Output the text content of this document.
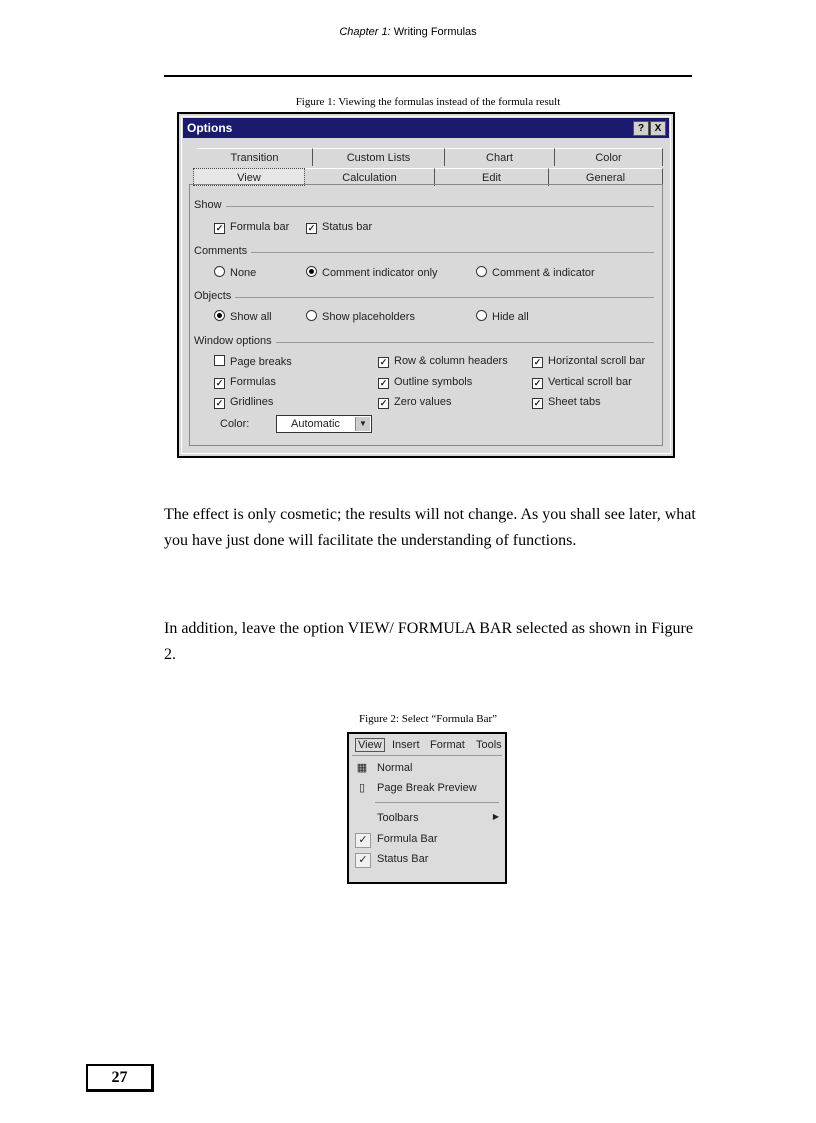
Chapter 1: Writing Formulas
Figure 1: Viewing the formulas instead of the formula result
Options	?	X
Transition	Custom Lists	Chart	Color
View	Calculation	Edit	General
Show
✓ Formula bar ✓ Status bar
Comments
None	Comment indicator only	Comment & indicator
Objects
Show all	Show placeholders	Hide all
Window options
Page breaks	✓ Row & column headers	✓ Horizontal scroll bar
✓ Formulas	✓ Outline symbols	✓ Vertical scroll bar
✓ Gridlines	✓ Zero values	✓ Sheet tabs
Color:	Automatic	▼
The effect is only cosmetic; the results will not change. As you shall see later, what you have just done will facilitate the understanding of functions.
In addition, leave the option VIEW/ FORMULA BAR selected as shown in Figure 2.
Figure 2: Select “Formula Bar”
View Insert Format Tools
▦ Normal
▯	Page Break Preview
Toolbars	▶
✓ Formula Bar
✓ Status Bar
27
